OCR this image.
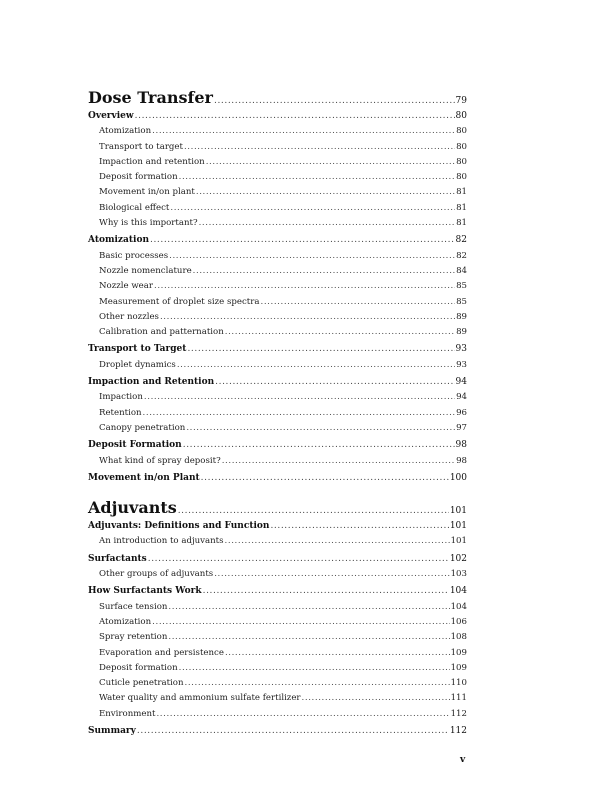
Dose Transfer .....	79
Overview .....	80
Atomization .....	80
Transport to target .....	80
Impaction and retention .....	80
Deposit formation .....	80
Movement in/on plant .....	81
Biological effect .....	81
Why is this important? .....	81
Atomization .....	82
Basic processes .....	82
Nozzle nomenclature .....	84
Nozzle wear .....	85
Measurement of droplet size spectra .....	85
Other nozzles .....	89
Calibration and patternation .....	89
Transport to Target .....	93
Droplet dynamics .....	93
Impaction and Retention .....	94
Impaction .....	94
Retention .....	96
Canopy penetration .....	97
Deposit Formation .....	98
What kind of spray deposit? .....	98
Movement in/on Plant .....	100
Adjuvants .....	101
Adjuvants: Definitions and Function .....	101
An introduction to adjuvants .....	101
Surfactants .....	102
Other groups of adjuvants .....	103
How Surfactants Work .....	104
Surface tension .....	104
Atomization .....	106
Spray retention .....	108
Evaporation and persistence .....	109
Deposit formation .....	109
Cuticle penetration .....	110
Water quality and ammonium sulfate fertilizer .....	111
Environment .....	112
Summary .....	112
v
